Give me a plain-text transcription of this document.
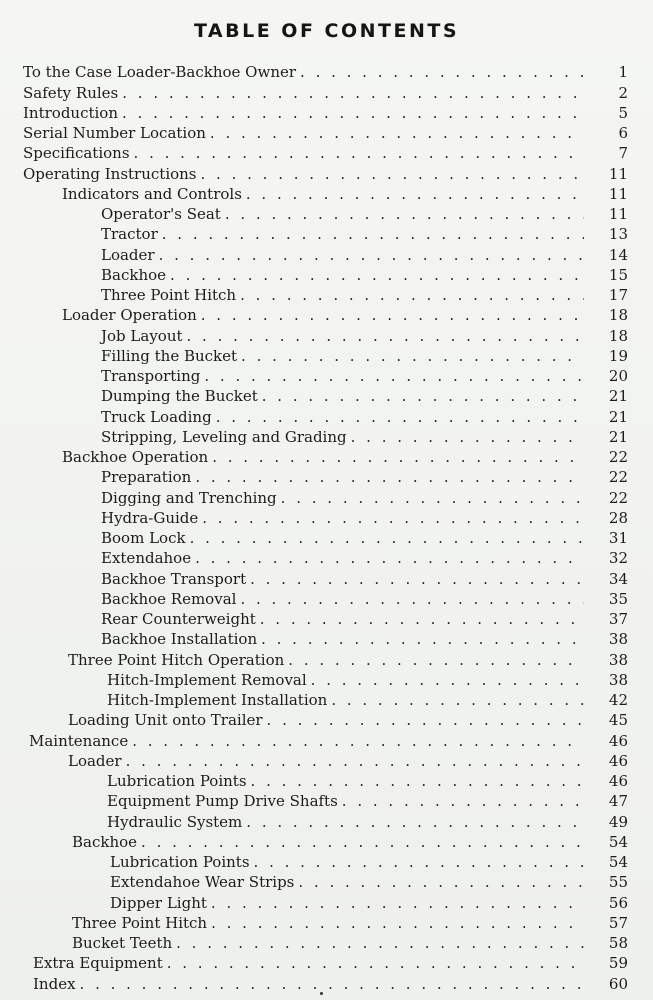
TABLE OF CONTENTS
To the Case Loader-Backhoe Owner . . .	1
Safety Rules . . .	2
Introduction . . .	5
Serial Number Location . . .	6
Specifications . . .	7
Operating Instructions . . .	11
Indicators and Controls . . .	11
Operator's Seat . . .	11
Tractor . . .	13
Loader . . .	14
Backhoe . . .	15
Three Point Hitch . . .	17
Loader Operation . . .	18
Job Layout . . .	18
Filling the Bucket . . .	19
Transporting . . .	20
Dumping the Bucket . . .	21
Truck Loading . . .	21
Stripping, Leveling and Grading . . .	21
Backhoe Operation . . .	22
Preparation . . .	22
Digging and Trenching . . .	22
Hydra-Guide . . .	28
Boom Lock . . .	31
Extendahoe . . .	32
Backhoe Transport . . .	34
Backhoe Removal . . .	35
Rear Counterweight . . .	37
Backhoe Installation . . .	38
Three Point Hitch Operation . . .	38
Hitch-Implement Removal . . .	38
Hitch-Implement Installation . . .	42
Loading Unit onto Trailer . . .	45
Maintenance . . .	46
Loader . . .	46
Lubrication Points . . .	46
Equipment Pump Drive Shafts . . .	47
Hydraulic System . . .	49
Backhoe . . .	54
Lubrication Points . . .	54
Extendahoe Wear Strips . . .	55
Dipper Light . . .	56
Three Point Hitch . . .	57
Bucket Teeth . . .	58
Extra Equipment . . .	59
Index . . .	60
